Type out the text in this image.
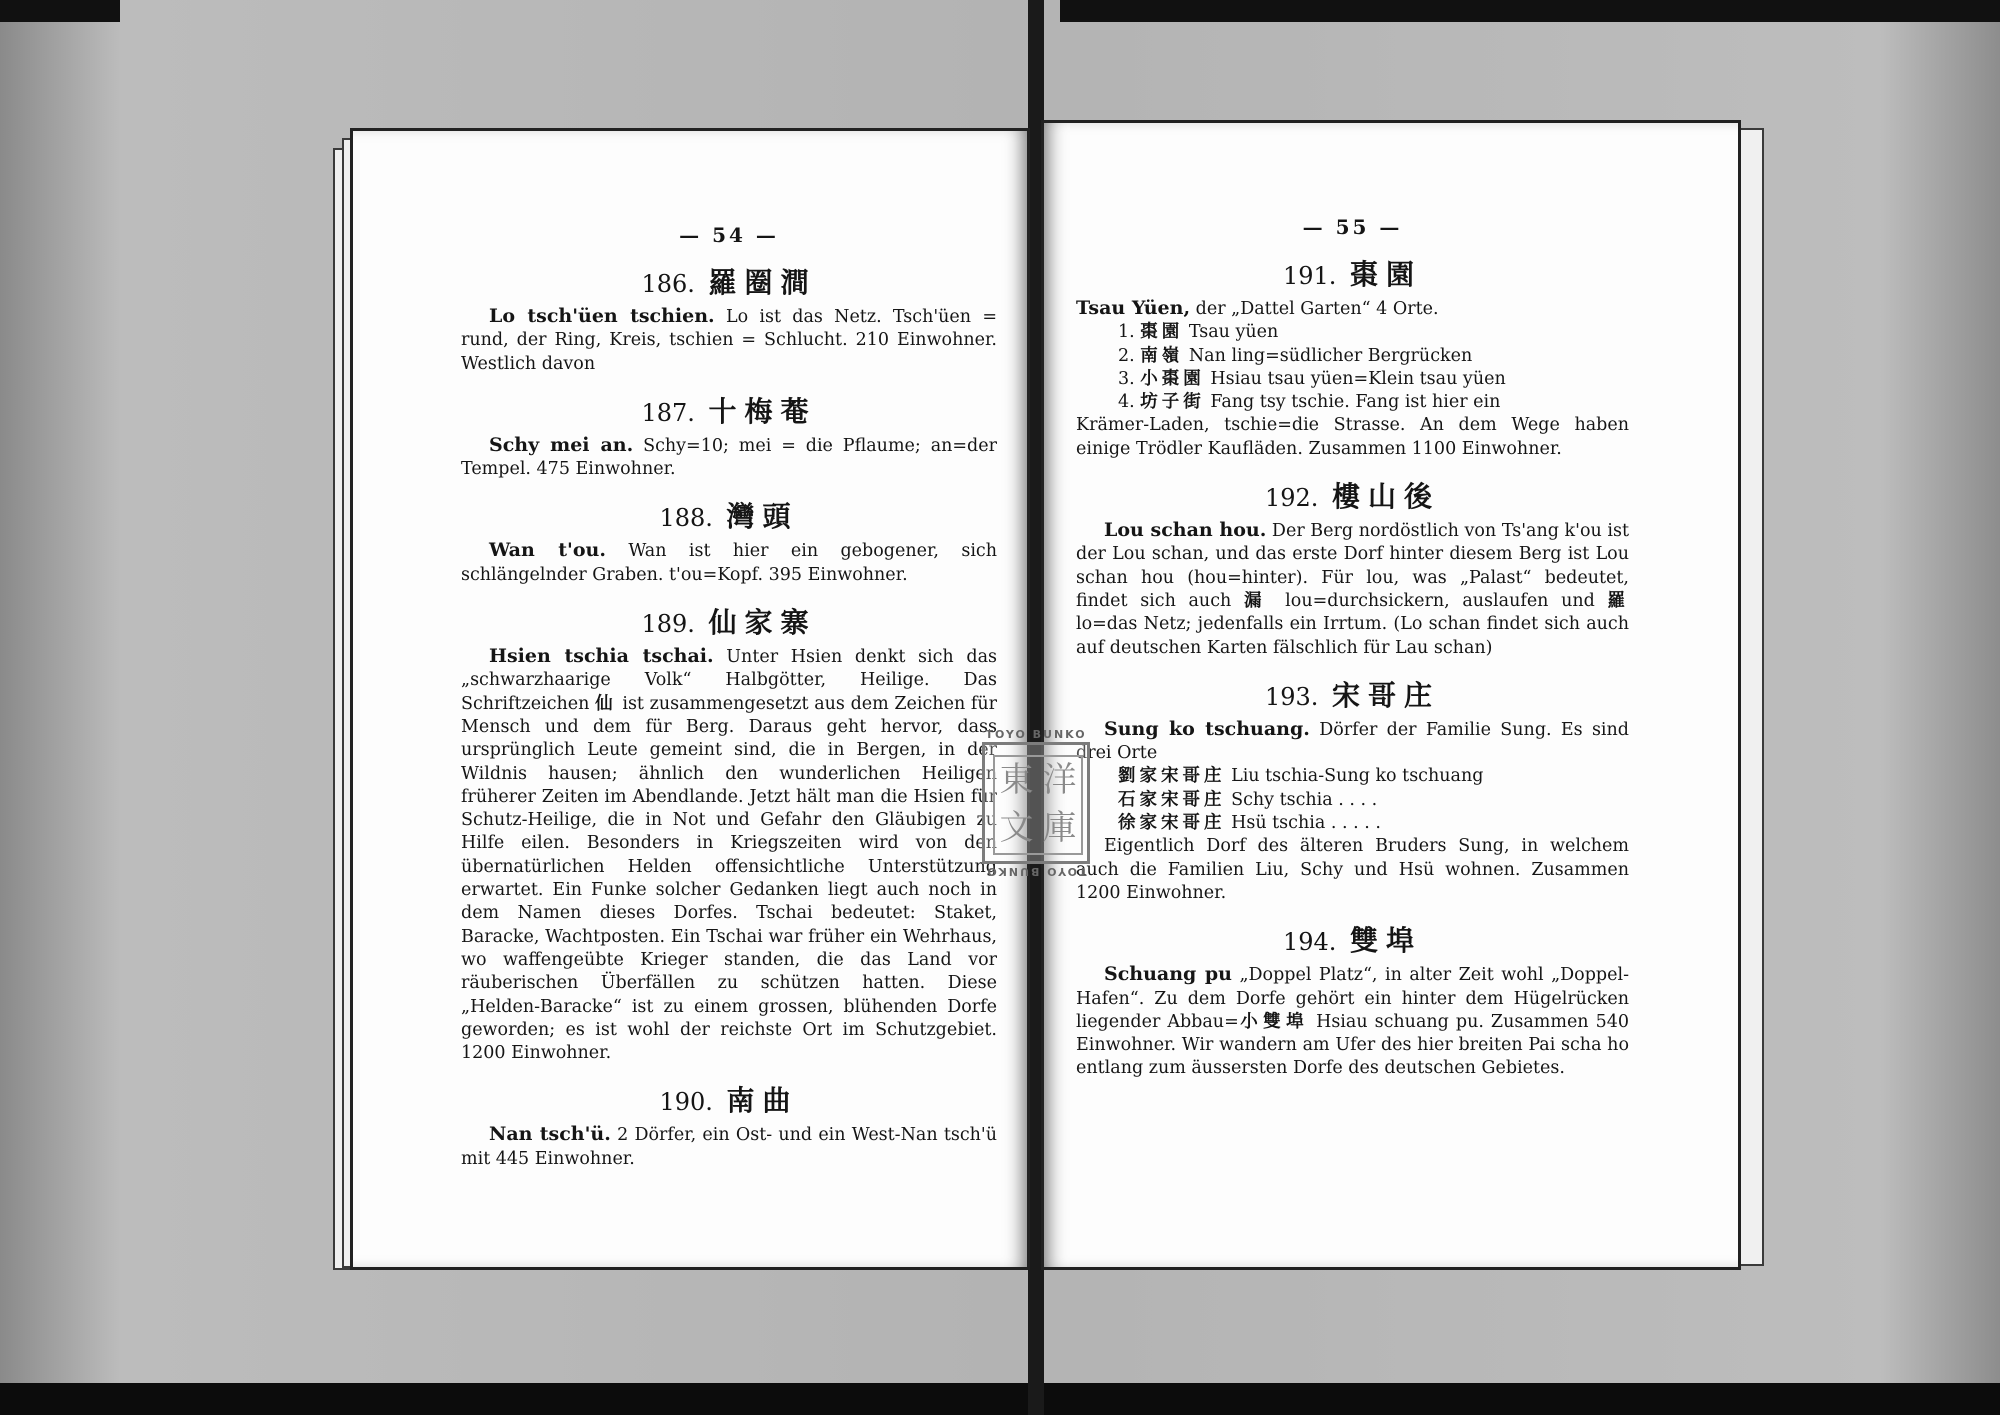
— 54 —
186. 羅圈澗

Lo tsch'üen tschien. Lo ist das Netz. Tsch'üen = rund, der Ring, Kreis, tschien = Schlucht. 210 Einwohner. Westlich davon

187. 十梅菴

Schy mei an. Schy=10; mei = die Pflaume; an=der Tempel. 475 Einwohner.

188. 灣頭

Wan t'ou. Wan ist hier ein gebogener, sich schlängelnder Graben. t'ou=Kopf. 395 Einwohner.

189. 仙家寨

Hsien tschia tschai. Unter Hsien denkt sich das „schwarzhaarige Volk“ Halbgötter, Heilige. Das Schriftzeichen 仙 ist zusammengesetzt aus dem Zeichen für Mensch und dem für Berg. Daraus geht hervor, dass ursprünglich Leute gemeint sind, die in Bergen, in der Wildnis hausen; ähnlich den wunderlichen Heiligen früherer Zeiten im Abendlande. Jetzt hält man die Hsien für Schutz-Heilige, die in Not und Gefahr den Gläubigen zu Hilfe eilen. Besonders in Kriegszeiten wird von den übernatürlichen Helden offensichtliche Unterstützung erwartet. Ein Funke solcher Gedanken liegt auch noch in dem Namen dieses Dorfes. Tschai bedeutet: Staket, Baracke, Wachtposten. Ein Tschai war früher ein Wehrhaus, wo waffengeübte Krieger standen, die das Land vor räuberischen Überfällen zu schützen hatten. Diese „Helden-Baracke“ ist zu einem grossen, blühenden Dorfe geworden; es ist wohl der reichste Ort im Schutzgebiet. 1200 Einwohner.

190. 南曲

Nan tsch'ü. 2 Dörfer, ein Ost- und ein West-Nan tsch'ü mit 445 Einwohner.

— 55 —
191. 棗園

Tsau Yüen, der „Dattel Garten“ 4 Orte.

1. 棗園 Tsau yüen

2. 南嶺 Nan ling=südlicher Bergrücken

3. 小棗園 Hsiau tsau yüen=Klein tsau yüen

4. 坊子街 Fang tsy tschie. Fang ist hier ein

Krämer-Laden, tschie=die Strasse. An dem Wege haben einige Trödler Kaufläden. Zusammen 1100 Einwohner.

192. 樓山後

Lou schan hou. Der Berg nordöstlich von Ts'ang k'ou ist der Lou schan, und das erste Dorf hinter diesem Berg ist Lou schan hou (hou=hinter). Für lou, was „Palast“ bedeutet, findet sich auch 漏 lou=durchsickern, auslaufen und 羅 lo=das Netz; jedenfalls ein Irrtum. (Lo schan findet sich auch auf deutschen Karten fälschlich für Lau schan)

193. 宋哥庄

Sung ko tschuang. Dörfer der Familie Sung. Es sind drei Orte

劉家宋哥庄 Liu tschia-Sung ko tschuang

石家宋哥庄 Schy tschia . . . .

徐家宋哥庄 Hsü tschia . . . . .

Eigentlich Dorf des älteren Bruders Sung, in welchem auch die Familien Liu, Schy und Hsü wohnen. Zusammen 1200 Einwohner.

194. 雙埠

Schuang pu „Doppel Platz“, in alter Zeit wohl „Doppel-Hafen“. Zu dem Dorfe gehört ein hinter dem Hügelrücken liegender Abbau=小雙埠 Hsiau schuang pu. Zusammen 540 Einwohner. Wir wandern am Ufer des hier breiten Pai scha ho entlang zum äussersten Dorfe des deutschen Gebietes.

TOYO BUNKO
東 洋
文 庫
TOYO BUNKO
